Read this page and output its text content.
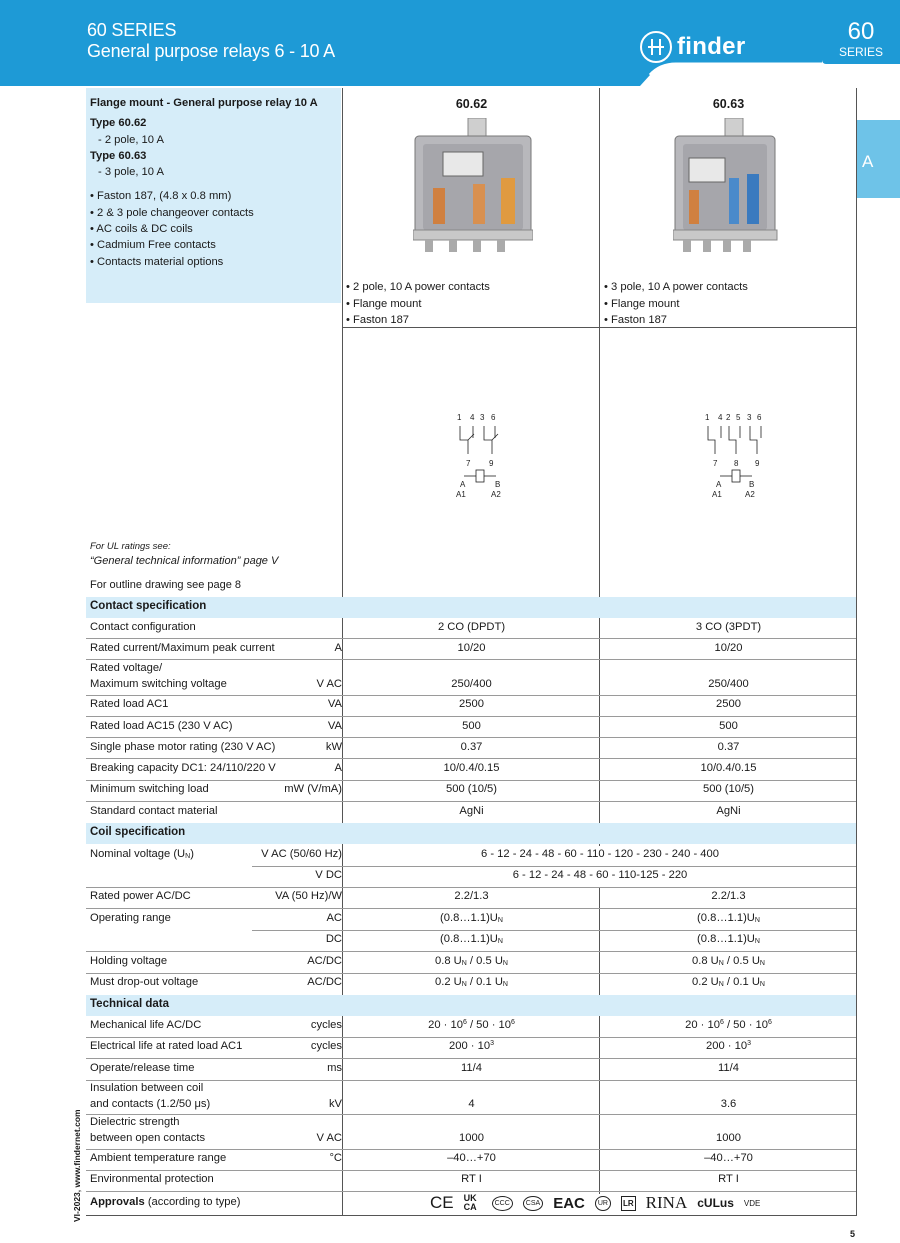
60 SERIES
General purpose relays 6 - 10 A	finder
60
SERIES
A
Flange mount - General purpose relay 10 A
Type 60.62
- 2 pole, 10 A
Type 60.63
- 3 pole, 10 A
• Faston 187, (4.8 x 0.8 mm)
• 2 & 3 pole changeover contacts
• AC coils & DC coils
• Cadmium Free contacts
• Contacts material options
60.62	60.63
• 2 pole, 10 A power contacts
• Flange mount
• Faston 187
• 3 pole, 10 A power contacts
• Flange mount
• Faston 187
1 4 3 6
7 9
A	B
A1	A2
1 4 2 5 3 6
7 8 9
A	B
A1	A2
For UL ratings see:
“General technical information” page V
For outline drawing see page 8
Contact specification
Contact configuration	2 CO (DPDT)	3 CO (3PDT)
Rated current/Maximum peak current	A	10/20	10/20
Rated voltage/
Maximum switching voltage	V AC	250/400	250/400
Rated load AC1	VA	2500	2500
Rated load AC15 (230 V AC)	VA	500	500
Single phase motor rating (230 V AC)	kW	0.37	0.37
Breaking capacity DC1: 24/110/220 V	A	10/0.4/0.15	10/0.4/0.15
Minimum switching load	mW (V/mA)	500 (10/5)	500 (10/5)
Standard contact material	AgNi	AgNi
Coil specification
Nominal voltage $(U_N)$	V AC (50/60 Hz)	6 - 12 - 24 - 48 - 60 - 110 - 120 - 230 - 240 - 400
V DC	6 - 12 - 24 - 48 - 60 - 110-125 - 220
Rated power AC/DC	VA (50 Hz)/W	2.2/1.3	2.2/1.3
Operating range	AC	$(0.8\dots 1.1)U_N$	$(0.8\dots 1.1)U_N$
DC	$(0.8\dots 1.1)U_N$	$(0.8\dots 1.1)U_N$
Holding voltage	AC/DC	0.8 $U_N / 0.5$ $U_N$	0.8 $U_N / 0.5$ $U_N$
Must drop-out voltage	AC/DC	0.2 $U_N / 0.1$ $U_N$	0.2 $U_N / 0.1$ $U_N$
Technical data
Mechanical life AC/DC	cycles	$20 \cdot 10^6 / 50 \cdot 10^6$	$20 \cdot 10^6 / 50 \cdot 10^6$
Electrical life at rated load AC1	cycles	$200 \cdot 10^3$	$200 \cdot 10^3$
Operate/release time	ms	11/4	11/4
Insulation between coil
and contacts (1.2/50 μs)	kV	4	3.6
Dielectric strength
between open contacts	V AC	1000	1000
Ambient temperature range	°C	–40…+70	–40…+70
Environmental protection	RT I	RT I
Approvals (according to type)	CE UK CA	CCC	CSA EAC	UR	LR RINA cULus VDE
VI-2023, www.findernet.com
5
